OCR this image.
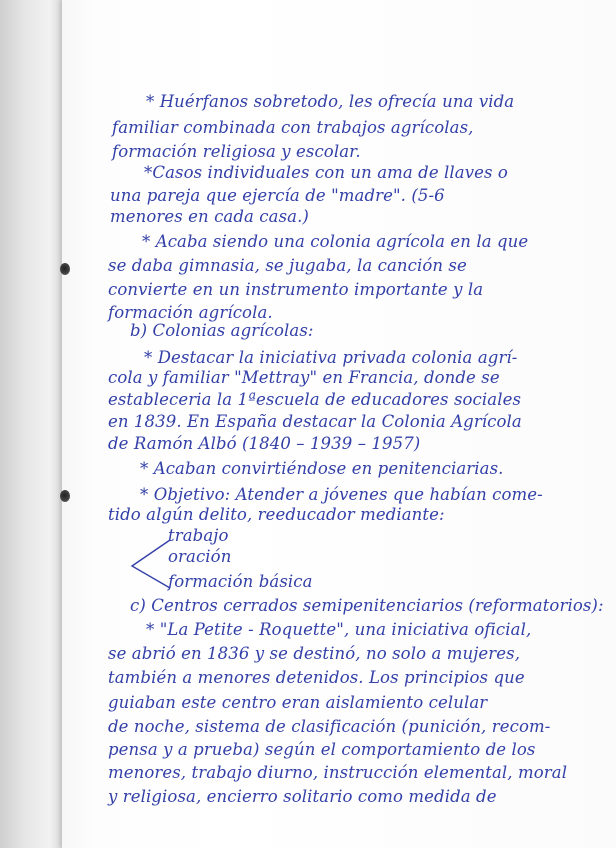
* Huérfanos sobretodo, les ofrecía una vida
familiar combinada con trabajos agrícolas,
formación religiosa y escolar.
*Casos individuales con un ama de llaves o
una pareja que ejercía de "madre". (5-6
menores en cada casa.)
* Acaba siendo una colonia agrícola en la que
se daba gimnasia, se jugaba, la canción se
convierte en un instrumento importante y la
formación agrícola.
b) Colonias agrícolas:
* Destacar la iniciativa privada colonia agrí-
cola y familiar "Mettray" en Francia, donde se
estableceria la 1ªescuela de educadores sociales
en 1839. En España destacar la Colonia Agrícola
de Ramón Albó (1840 – 1939 – 1957)
* Acaban convirtiéndose en penitenciarias.
* Objetivo: Atender a jóvenes que habían come-
tido algún delito, reeducador mediante:
trabajo
oración
formación básica
c) Centros cerrados semipenitenciarios (reformatorios):
* "La Petite - Roquette", una iniciativa oficial,
se abrió en 1836 y se destinó, no solo a mujeres,
también a menores detenidos. Los principios que
guiaban este centro eran aislamiento celular
de noche, sistema de clasificación (punición, recom-
pensa y a prueba) según el comportamiento de los
menores, trabajo diurno, instrucción elemental, moral
y religiosa, encierro solitario como medida de
